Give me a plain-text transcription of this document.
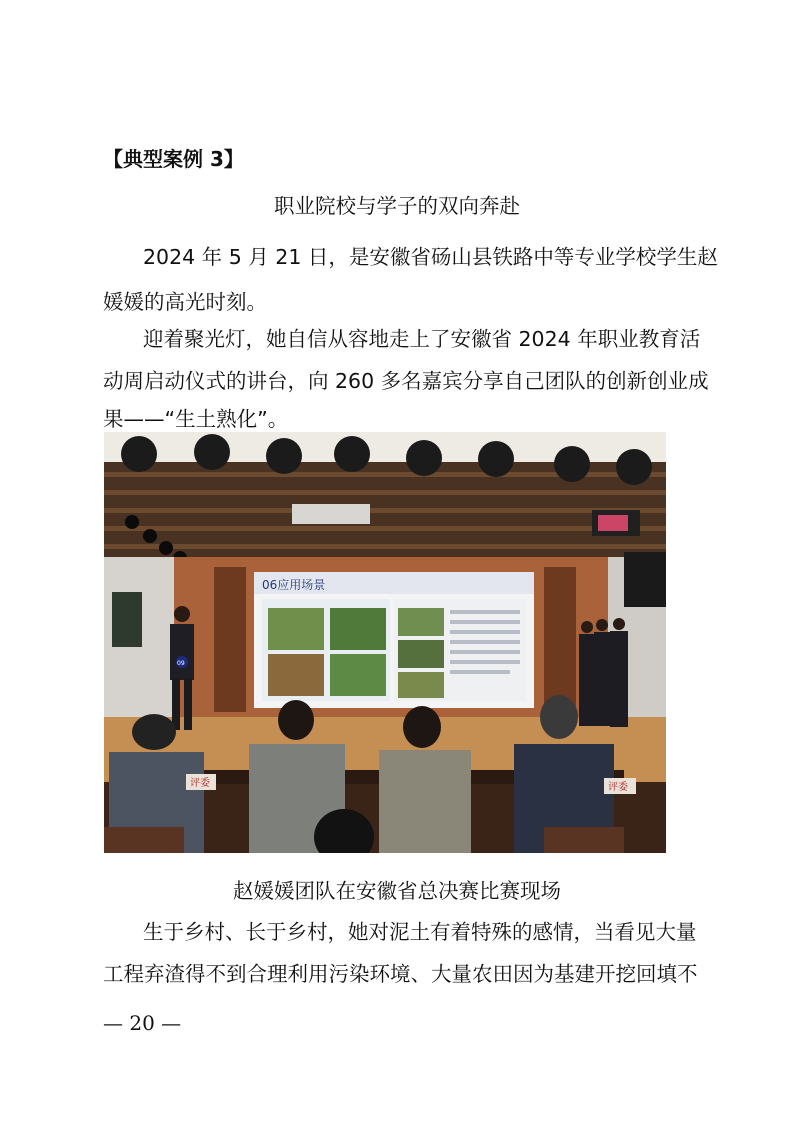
【典型案例 3】
职业院校与学子的双向奔赴
2024 年 5 月 21 日，是安徽省砀山县铁路中等专业学校学生赵
媛媛的高光时刻。
迎着聚光灯，她自信从容地走上了安徽省 2024 年职业教育活
动周启动仪式的讲台，向 260 多名嘉宾分享自己团队的创新创业成
果——“生土熟化”。
06应用场景
09
评委	评委
赵媛媛团队在安徽省总决赛比赛现场
生于乡村、长于乡村，她对泥土有着特殊的感情，当看见大量
工程弃渣得不到合理利用污染环境、大量农田因为基建开挖回填不
— 20 —
